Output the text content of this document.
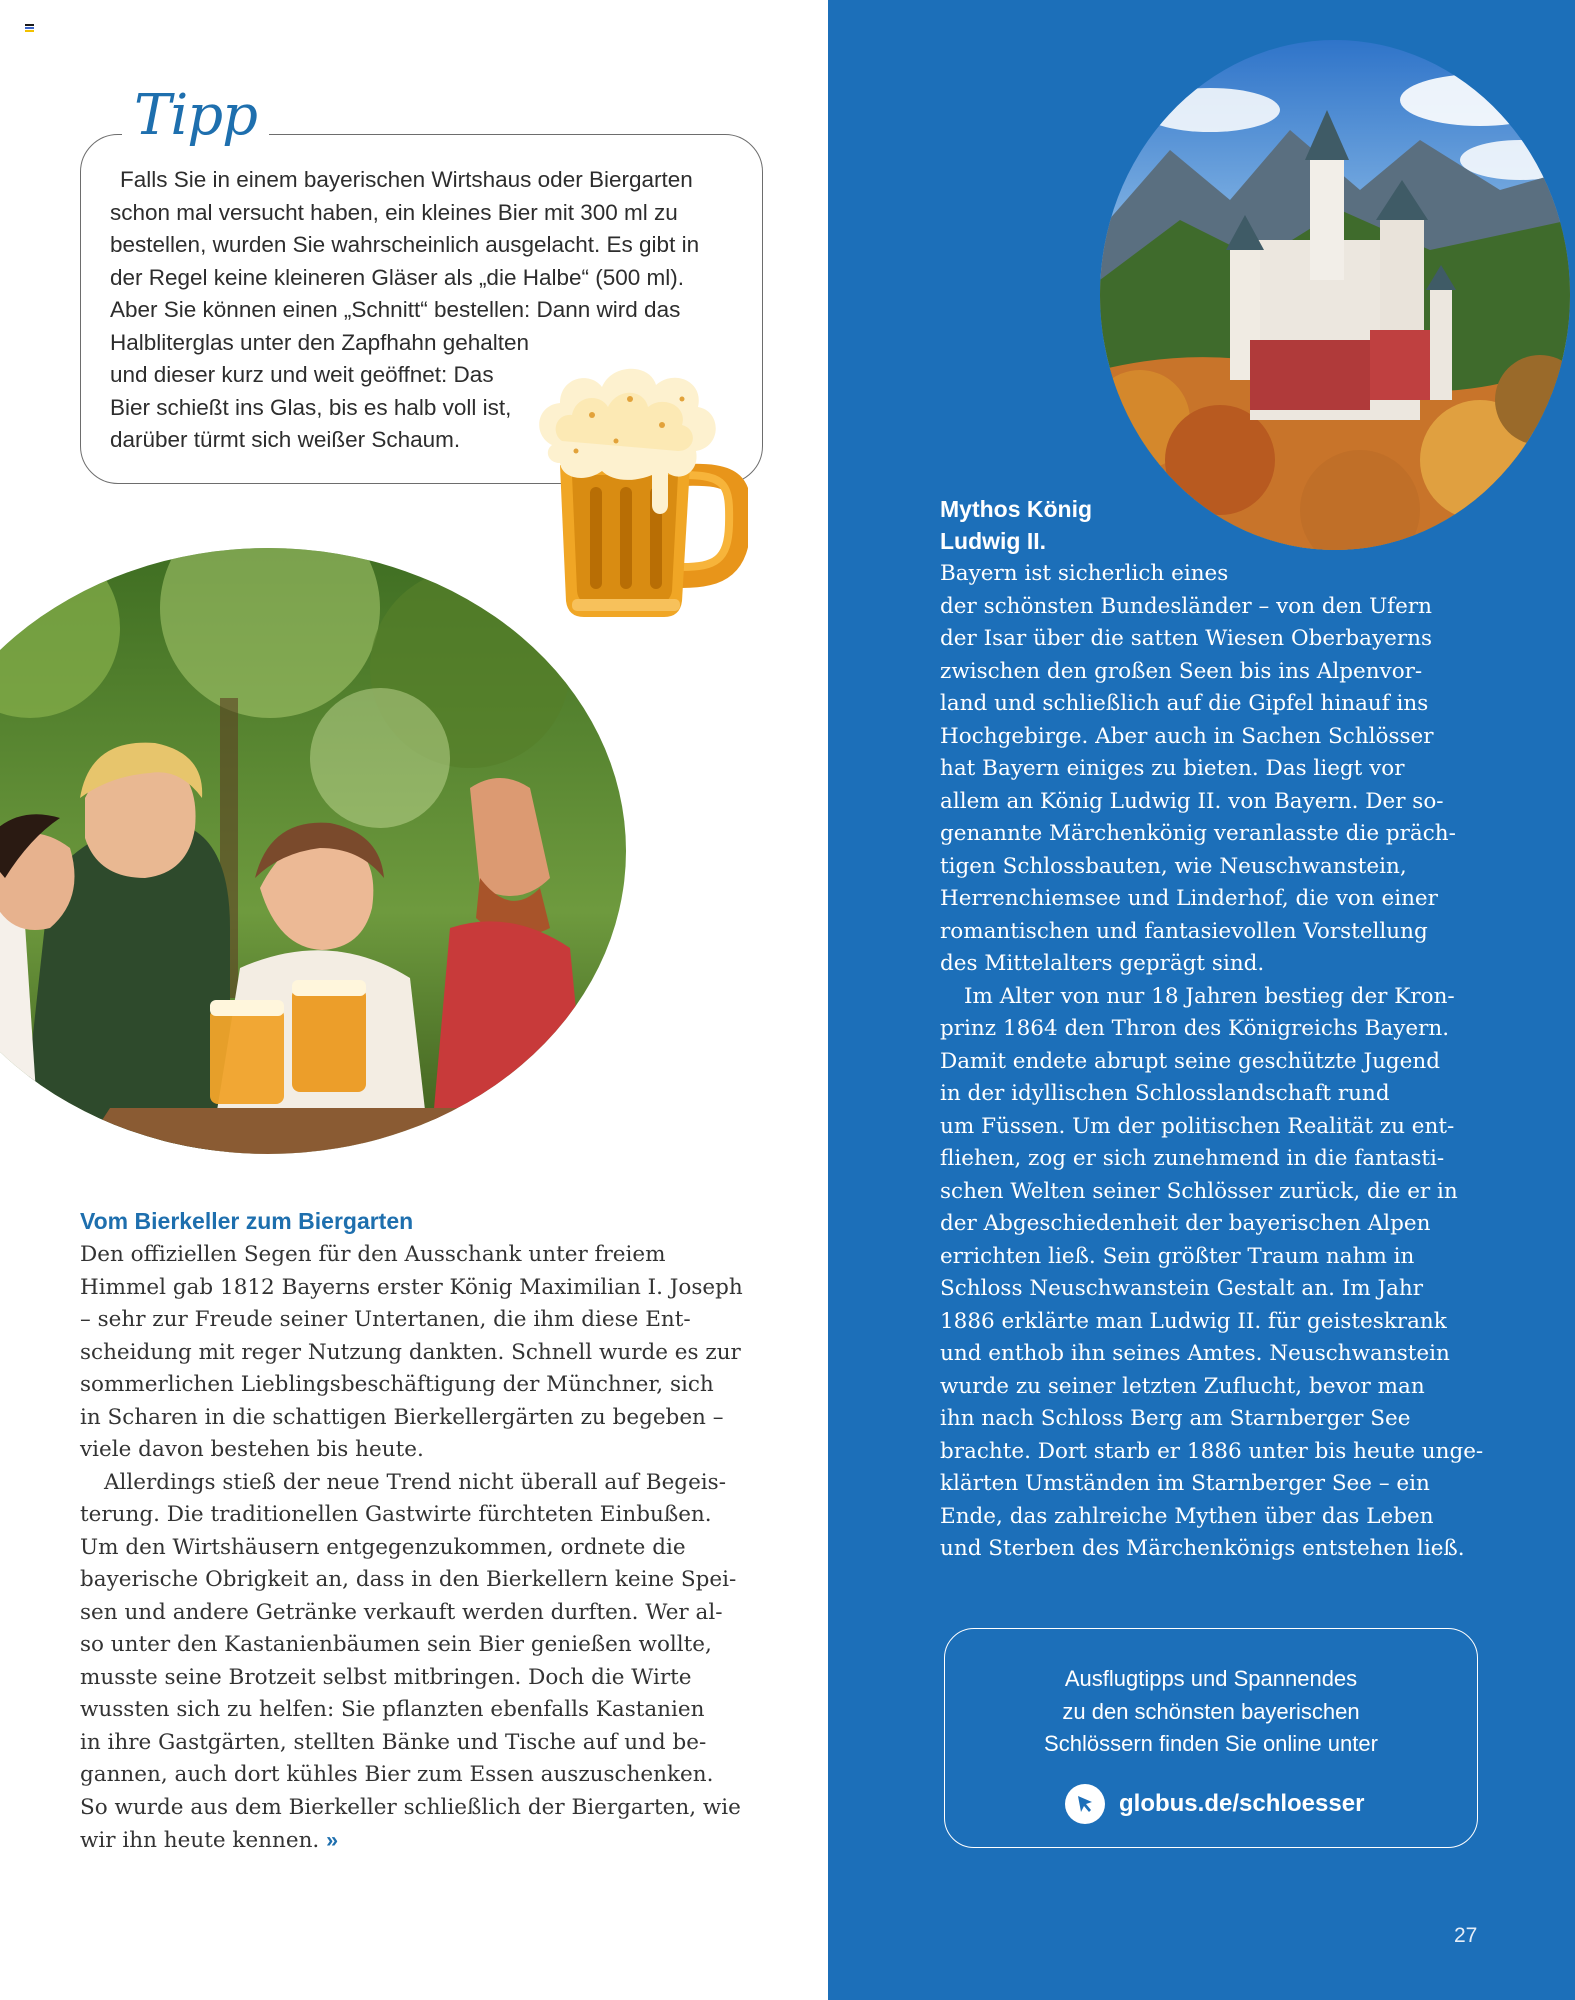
Tipp

Falls Sie in einem bayerischen Wirtshaus oder Biergarten

schon mal versucht haben, ein kleines Bier mit 300 ml zu

bestellen, wurden Sie wahrscheinlich ausgelacht. Es gibt in

der Regel keine kleineren Gläser als „die Halbe“ (500 ml).

Aber Sie können einen „Schnitt“ bestellen: Dann wird das

Halbliterglas unter den Zapfhahn gehalten

und dieser kurz und weit geöffnet: Das

Bier schießt ins Glas, bis es halb voll ist,

darüber türmt sich weißer Schaum.

Vom Bierkeller zum Biergarten

Den offiziellen Segen für den Ausschank unter freiem
Himmel gab 1812 Bayerns erster König Maximilian I. Joseph
– sehr zur Freude seiner Untertanen, die ihm diese Ent-
scheidung mit reger Nutzung dankten. Schnell wurde es zur
sommerlichen Lieblingsbeschäftigung der Münchner, sich
in Scharen in die schattigen Bierkellergärten zu begeben –
viele davon bestehen bis heute.

Allerdings stieß der neue Trend nicht überall auf Begeis-
terung. Die traditionellen Gastwirte fürchteten Einbußen.
Um den Wirtshäusern entgegenzukommen, ordnete die
bayerische Obrigkeit an, dass in den Bierkellern keine Spei-
sen und andere Getränke verkauft werden durften. Wer al-
so unter den Kastanienbäumen sein Bier genießen wollte,
musste seine Brotzeit selbst mitbringen. Doch die Wirte
wussten sich zu helfen: Sie pflanzten ebenfalls Kastanien
in ihre Gastgärten, stellten Bänke und Tische auf und be-
gannen, auch dort kühles Bier zum Essen auszuschenken.
So wurde aus dem Bierkeller schließlich der Biergarten, wie
wir ihn heute kennen. »

Mythos König
Ludwig II.

Bayern ist sicherlich eines
der schönsten Bundesländer – von den Ufern
der Isar über die satten Wiesen Oberbayerns
zwischen den großen Seen bis ins Alpenvor-
land und schließlich auf die Gipfel hinauf ins
Hochgebirge. Aber auch in Sachen Schlösser
hat Bayern einiges zu bieten. Das liegt vor
allem an König Ludwig II. von Bayern. Der so-
genannte Märchenkönig veranlasste die präch-
tigen Schlossbauten, wie Neuschwanstein,
Herrenchiemsee und Linderhof, die von einer
romantischen und fantasievollen Vorstellung
des Mittelalters geprägt sind.

Im Alter von nur 18 Jahren bestieg der Kron-
prinz 1864 den Thron des Königreichs Bayern.
Damit endete abrupt seine geschützte Jugend
in der idyllischen Schlosslandschaft rund
um Füssen. Um der politischen Realität zu ent-
fliehen, zog er sich zunehmend in die fantasti-
schen Welten seiner Schlösser zurück, die er in
der Abgeschiedenheit der bayerischen Alpen
errichten ließ. Sein größter Traum nahm in
Schloss Neuschwanstein Gestalt an. Im Jahr
1886 erklärte man Ludwig II. für geisteskrank
und enthob ihn seines Amtes. Neuschwanstein
wurde zu seiner letzten Zuflucht, bevor man
ihn nach Schloss Berg am Starnberger See
brachte. Dort starb er 1886 unter bis heute unge-
klärten Umständen im Starnberger See – ein
Ende, das zahlreiche Mythen über das Leben
und Sterben des Märchenkönigs entstehen ließ.

Ausflugtipps und Spannendes
zu den schönsten bayerischen
Schlössern finden Sie online unter
globus.de/schloesser
27
